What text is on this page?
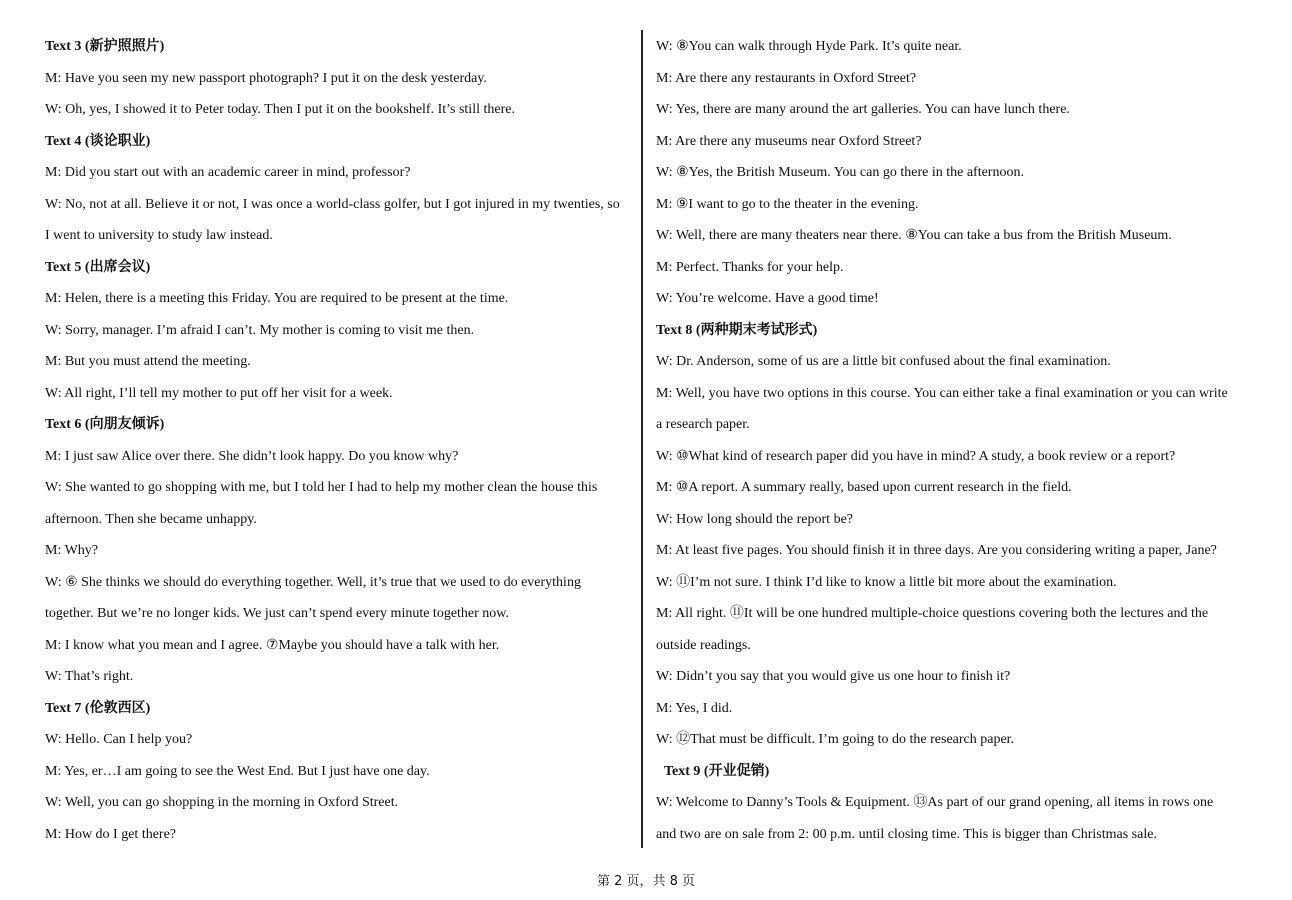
Text 3 (新护照照片)
M: Have you seen my new passport photograph? I put it on the desk yesterday.
W: Oh, yes, I showed it to Peter today. Then I put it on the bookshelf. It’s still there.
Text 4 (谈论职业)
M: Did you start out with an academic career in mind, professor?
W: No, not at all. Believe it or not, I was once a world-class golfer, but I got injured in my twenties, so
I went to university to study law instead.
Text 5 (出席会议)
M: Helen, there is a meeting this Friday. You are required to be present at the time.
W: Sorry, manager. I’m afraid I can’t. My mother is coming to visit me then.
M: But you must attend the meeting.
W: All right, I’ll tell my mother to put off her visit for a week.
Text 6 (向朋友倾诉)
M: I just saw Alice over there. She didn’t look happy. Do you know why?
W: She wanted to go shopping with me, but I told her I had to help my mother clean the house this
afternoon. Then she became unhappy.
M: Why?
W: ⑥ She thinks we should do everything together. Well, it’s true that we used to do everything
together. But we’re no longer kids. We just can’t spend every minute together now.
M: I know what you mean and I agree. ⑦Maybe you should have a talk with her.
W: That’s right.
Text 7 (伦敦西区)
W: Hello. Can I help you?
M: Yes, er…I am going to see the West End. But I just have one day.
W: Well, you can go shopping in the morning in Oxford Street.
M: How do I get there?
W: ⑧You can walk through Hyde Park. It’s quite near.
M: Are there any restaurants in Oxford Street?
W: Yes, there are many around the art galleries. You can have lunch there.
M: Are there any museums near Oxford Street?
W: ⑧Yes, the British Museum. You can go there in the afternoon.
M: ⑨I want to go to the theater in the evening.
W: Well, there are many theaters near there. ⑧You can take a bus from the British Museum.
M: Perfect. Thanks for your help.
W: You’re welcome. Have a good time!
Text 8 (两种期末考试形式)
W: Dr. Anderson, some of us are a little bit confused about the final examination.
M: Well, you have two options in this course. You can either take a final examination or you can write
a research paper.
W: ⑩What kind of research paper did you have in mind? A study, a book review or a report?
M: ⑩A report. A summary really, based upon current research in the field.
W: How long should the report be?
M: At least five pages. You should finish it in three days. Are you considering writing a paper, Jane?
W: ⑪I’m not sure. I think I’d like to know a little bit more about the examination.
M: All right. ⑪It will be one hundred multiple-choice questions covering both the lectures and the
outside readings.
W: Didn’t you say that you would give us one hour to finish it?
M: Yes, I did.
W: ⑫That must be difficult. I’m going to do the research paper.
Text 9 (开业促销)
W: Welcome to Danny’s Tools & Equipment. ⑬As part of our grand opening, all items in rows one
and two are on sale from 2: 00 p.m. until closing time. This is bigger than Christmas sale.
第 2 页，共 8 页
